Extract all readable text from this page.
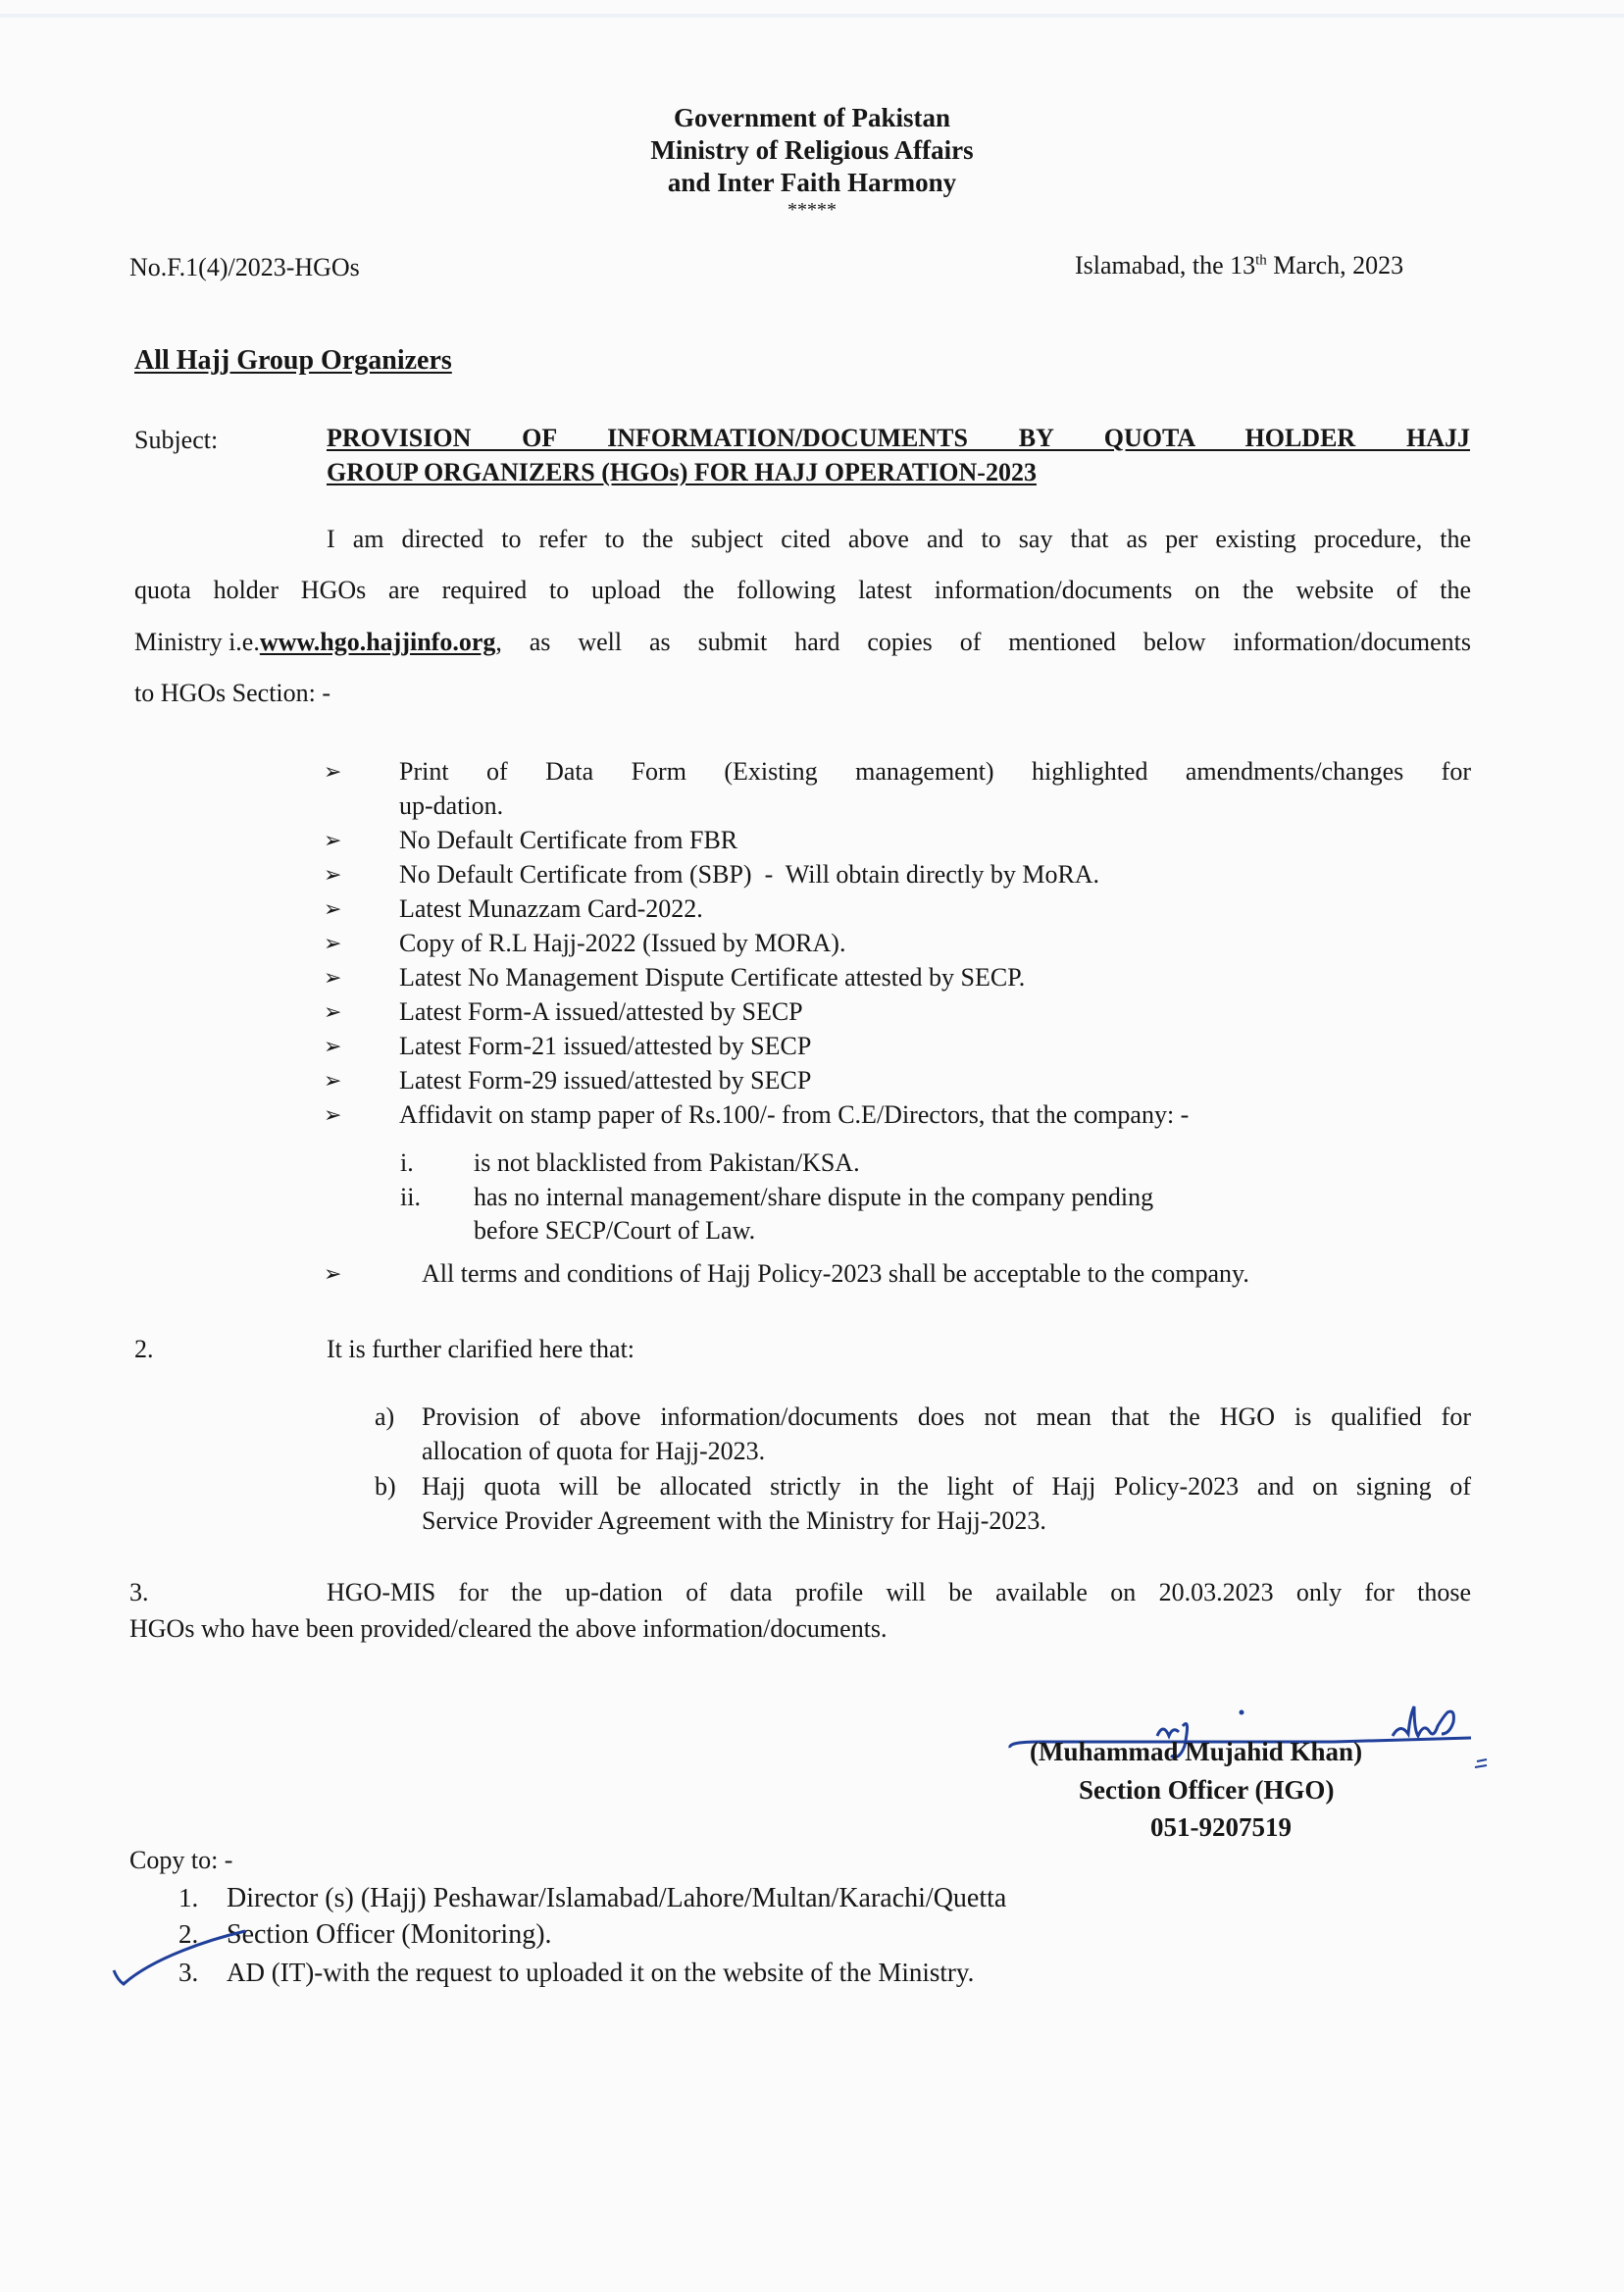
Government of Pakistan
Ministry of Religious Affairs
and Inter Faith Harmony
*****
No.F.1(4)/2023-HGOs	Islamabad, the 13th March, 2023
All Hajj Group Organizers
Subject:	PROVISION OF INFORMATION/DOCUMENTS BY QUOTA HOLDER HAJJ
GROUP ORGANIZERS (HGOs) FOR HAJJ OPERATION-2023
I am directed to refer to the subject cited above and to say that as per existing procedure, the
quota holder HGOs are required to upload the following latest information/documents on the website of the
Ministry i.e. www.hgo.hajjinfo.org , as well as submit hard copies of mentioned below information/documents
to HGOs Section: -
➢	Print of Data Form (Existing management) highlighted amendments/changes for
up-dation.
➢	No Default Certificate from FBR
➢	No Default Certificate from (SBP)  -  Will obtain directly by MoRA.
➢	Latest Munazzam Card-2022.
➢	Copy of R.L Hajj-2022 (Issued by MORA).
➢	Latest No Management Dispute Certificate attested by SECP.
➢	Latest Form-A issued/attested by SECP
➢	Latest Form-21 issued/attested by SECP
➢	Latest Form-29 issued/attested by SECP
➢	Affidavit on stamp paper of Rs.100/- from C.E/Directors, that the company: -
i. is not blacklisted from Pakistan/KSA.
ii. has no internal management/share dispute in the company pending
before SECP/Court of Law.
➢	All terms and conditions of Hajj Policy-2023 shall be acceptable to the company.
2.	It is further clarified here that:
a) Provision of above information/documents does not mean that the HGO is qualified for
allocation of quota for Hajj-2023.
b) Hajj quota will be allocated strictly in the light of Hajj Policy-2023 and on signing of
Service Provider Agreement with the Ministry for Hajj-2023.
3.	HGO-MIS for the up-dation of data profile will be available on 20.03.2023 only for those
HGOs who have been provided/cleared the above information/documents.
(Muhammad Mujahid Khan)
Section Officer (HGO)
051-9207519
Copy to: -
1. Director (s) (Hajj) Peshawar/Islamabad/Lahore/Multan/Karachi/Quetta
2. Section Officer (Monitoring).
3. AD (IT)-with the request to uploaded it on the website of the Ministry.
